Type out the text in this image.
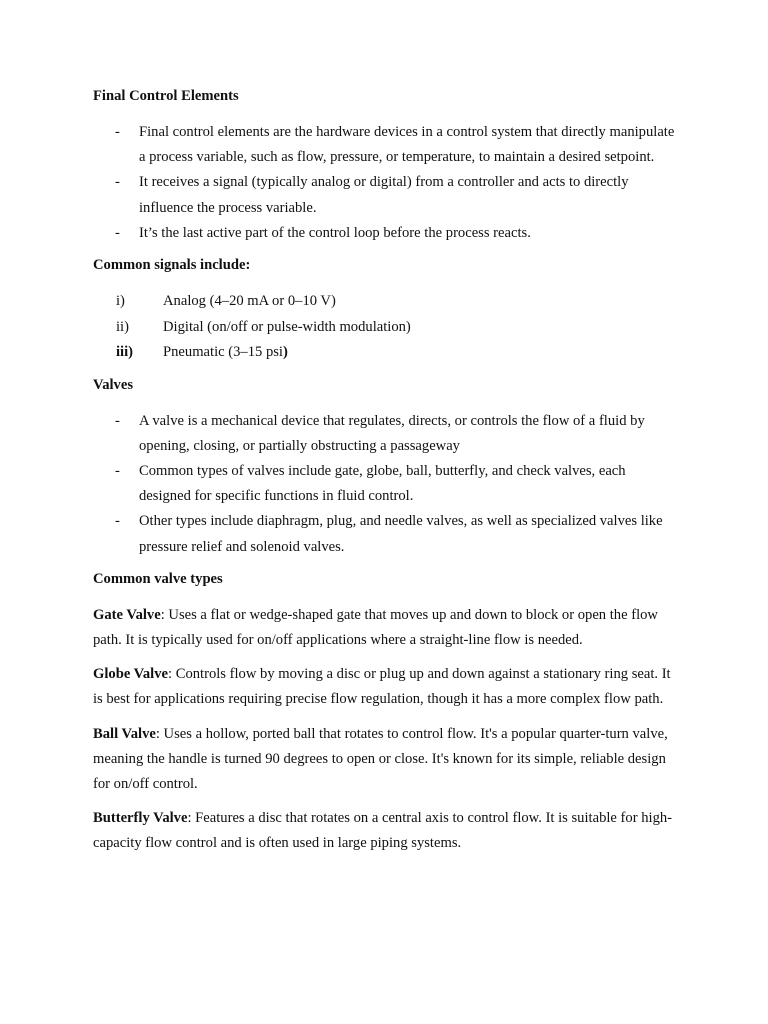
Final Control Elements

- Final control elements are the hardware devices in a control system that directly manipulate a process variable, such as flow, pressure, or temperature, to maintain a desired setpoint.
- It receives a signal (typically analog or digital) from a controller and acts to directly influence the process variable.
- It’s the last active part of the control loop before the process reacts.

Common signals include:

i)	Analog (4–20 mA or 0–10 V)
ii) Digital (on/off or pulse-width modulation)
iii) Pneumatic (3–15 psi)

Valves

- A valve is a mechanical device that regulates, directs, or controls the flow of a fluid by opening, closing, or partially obstructing a passageway
- Common types of valves include gate, globe, ball, butterfly, and check valves, each designed for specific functions in fluid control.
- Other types include diaphragm, plug, and needle valves, as well as specialized valves like pressure relief and solenoid valves.

Common valve types

Gate Valve: Uses a flat or wedge-shaped gate that moves up and down to block or open the flow path. It is typically used for on/off applications where a straight-line flow is needed.

Globe Valve: Controls flow by moving a disc or plug up and down against a stationary ring seat. It is best for applications requiring precise flow regulation, though it has a more complex flow path.

Ball Valve: Uses a hollow, ported ball that rotates to control flow. It's a popular quarter-turn valve, meaning the handle is turned 90 degrees to open or close. It's known for its simple, reliable design for on/off control.

Butterfly Valve: Features a disc that rotates on a central axis to control flow. It is suitable for high-capacity flow control and is often used in large piping systems.
